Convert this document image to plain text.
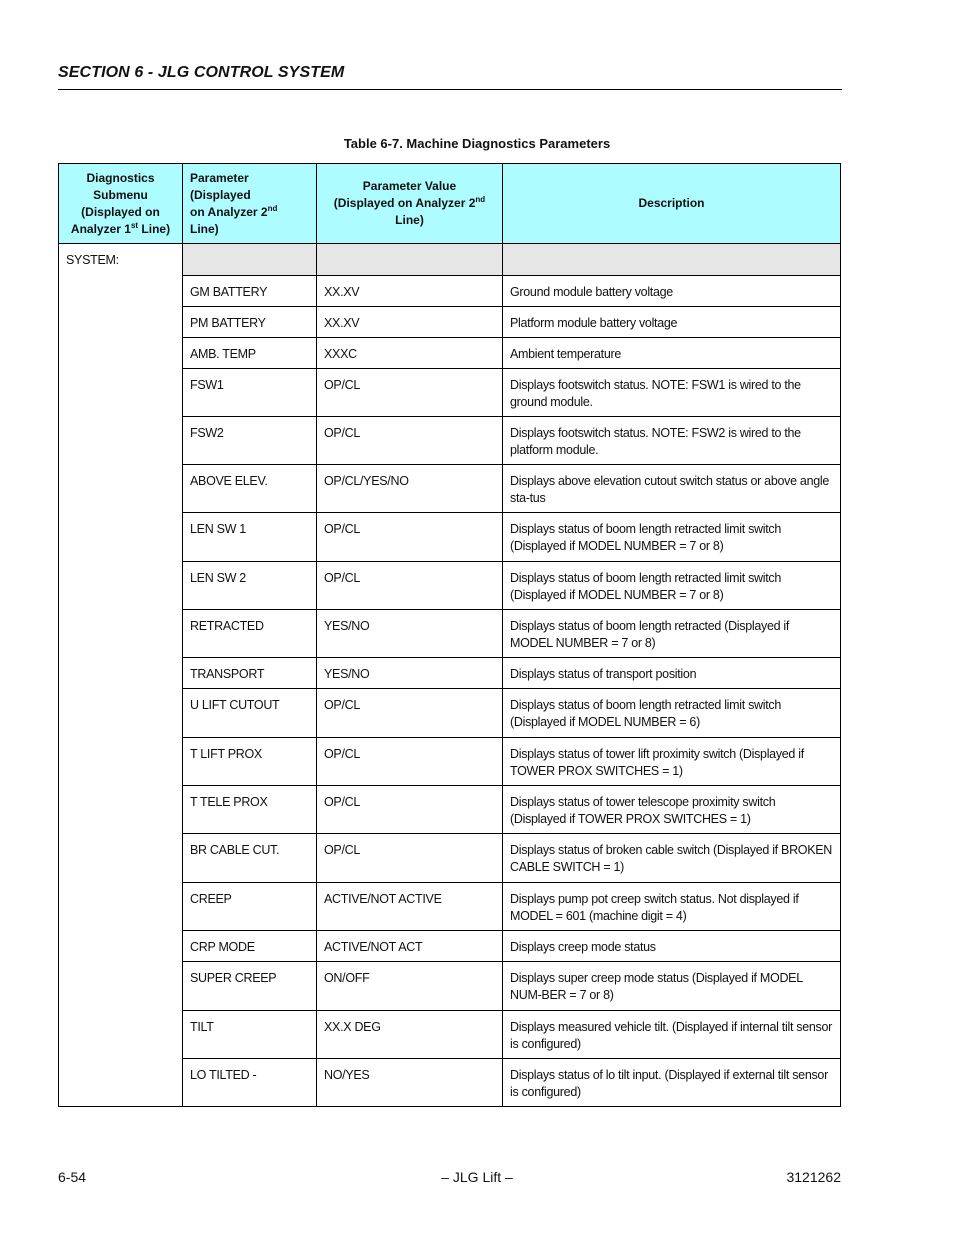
SECTION 6 - JLG CONTROL SYSTEM
Table 6-7. Machine Diagnostics Parameters
Diagnostics
Submenu
(Displayed on
Analyzer 1st Line)	Parameter (Displayed
on Analyzer 2nd Line)	Parameter Value
(Displayed on Analyzer 2nd
Line)	Description
SYSTEM:			
	GM BATTERY	XX.XV	Ground module battery voltage
	PM BATTERY	XX.XV	Platform module battery voltage
	AMB. TEMP	XXXC	Ambient temperature
	FSW1	OP/CL	Displays footswitch status. NOTE: FSW1 is wired to the ground module.
	FSW2	OP/CL	Displays footswitch status. NOTE: FSW2 is wired to the platform module.
	ABOVE ELEV.	OP/CL/YES/NO	Displays above elevation cutout switch status or above angle sta-tus
	LEN SW 1	OP/CL	Displays status of boom length retracted limit switch (Displayed if MODEL NUMBER = 7 or 8)
	LEN SW 2	OP/CL	Displays status of boom length retracted limit switch (Displayed if MODEL NUMBER = 7 or 8)
	RETRACTED	YES/NO	Displays status of boom length retracted (Displayed if MODEL NUMBER = 7 or 8)
	TRANSPORT	YES/NO	Displays status of transport position
	U LIFT CUTOUT	OP/CL	Displays status of boom length retracted limit switch (Displayed if MODEL NUMBER = 6)
	T LIFT PROX	OP/CL	Displays status of tower lift proximity switch (Displayed if TOWER PROX SWITCHES = 1)
	T TELE PROX	OP/CL	Displays status of tower telescope proximity switch (Displayed if TOWER PROX SWITCHES = 1)
	BR CABLE CUT.	OP/CL	Displays status of broken cable switch (Displayed if BROKEN CABLE SWITCH = 1)
	CREEP	ACTIVE/NOT ACTIVE	Displays pump pot creep switch status. Not displayed if MODEL = 601 (machine digit = 4)
	CRP MODE	ACTIVE/NOT ACT	Displays creep mode status
	SUPER CREEP	ON/OFF	Displays super creep mode status (Displayed if MODEL NUM-BER = 7 or 8)
	TILT	XX.X DEG	Displays measured vehicle tilt. (Displayed if internal tilt sensor is configured)
	LO TILTED -	NO/YES	Displays status of lo tilt input. (Displayed if external tilt sensor is configured)
6-54	– JLG Lift –	3121262
